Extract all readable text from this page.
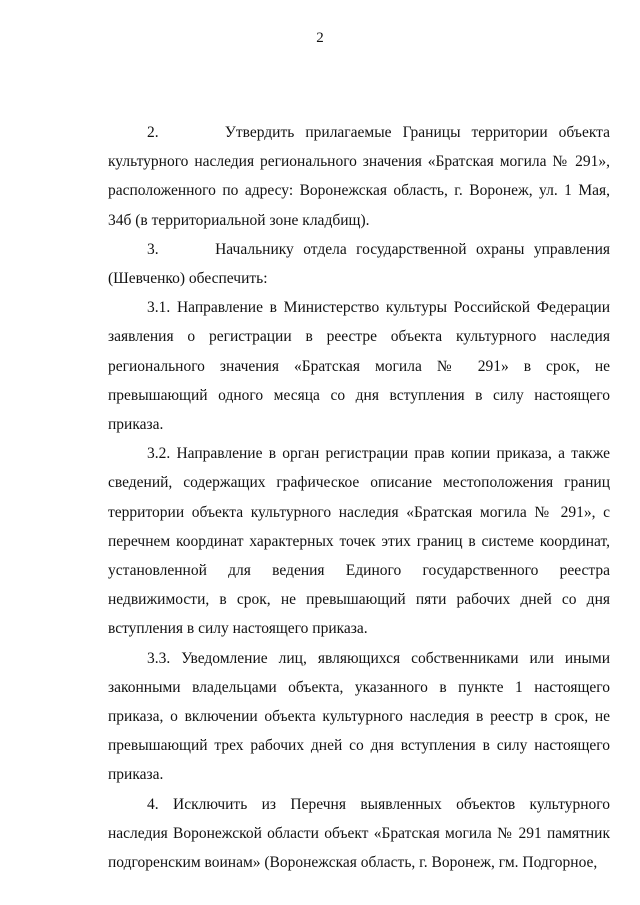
2

2.      Утвердить прилагаемые Границы территории объекта культурного наследия регионального значения «Братская могила № 291», расположенного по адресу: Воронежская область, г. Воронеж, ул. 1 Мая, 34б (в территориальной зоне кладбищ).

3.      Начальнику отдела государственной охраны управления (Шевченко) обеспечить:

3.1. Направление в Министерство культуры Российской Федерации заявления о регистрации в реестре объекта культурного наследия регионального значения «Братская могила № 291» в срок, не превышающий одного месяца со дня вступления в силу настоящего приказа.

3.2. Направление в орган регистрации прав копии приказа, а также сведений, содержащих графическое описание местоположения границ территории объекта культурного наследия «Братская могила № 291», с перечнем координат характерных точек этих границ в системе координат, установленной для ведения Единого государственного реестра недвижимости, в срок, не превышающий пяти рабочих дней со дня вступления в силу настоящего приказа.

3.3. Уведомление лиц, являющихся собственниками или иными законными владельцами объекта, указанного в пункте 1 настоящего приказа, о включении объекта культурного наследия в реестр в срок, не превышающий трех рабочих дней со дня вступления в силу настоящего приказа.

4. Исключить из Перечня выявленных объектов культурного наследия Воронежской области объект «Братская могила № 291 памятник подгоренским воинам» (Воронежская область, г. Воронеж, гм. Подгорное,
